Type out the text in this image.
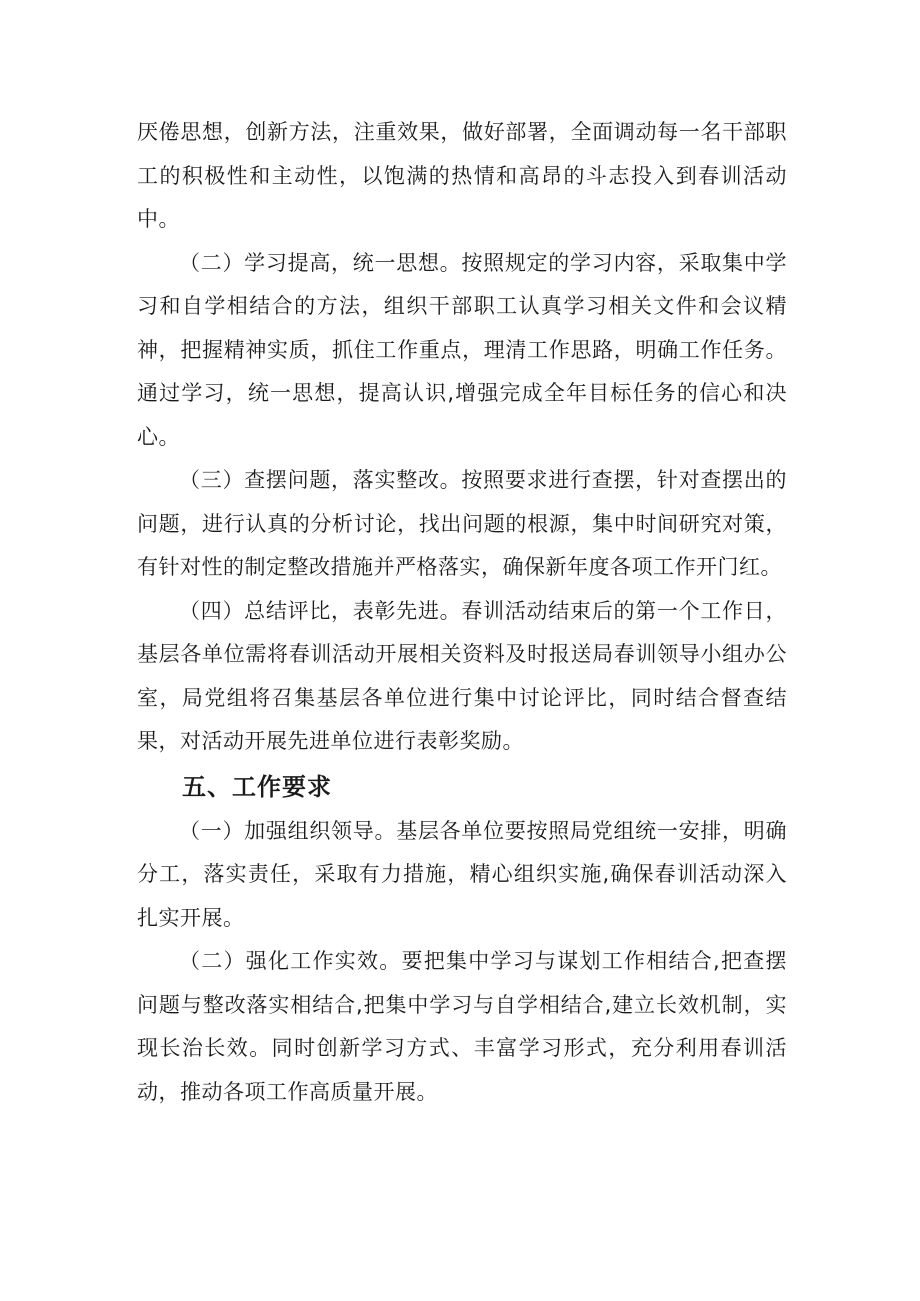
厌倦思想，创新方法，注重效果，做好部署，全面调动每一名干部职工的积极性和主动性，以饱满的热情和高昂的斗志投入到春训活动中。

（二）学习提高，统一思想。按照规定的学习内容，采取集中学习和自学相结合的方法，组织干部职工认真学习相关文件和会议精神，把握精神实质，抓住工作重点，理清工作思路，明确工作任务。通过学习，统一思想，提高认识,增强完成全年目标任务的信心和决心。

（三）查摆问题，落实整改。按照要求进行查摆，针对查摆出的问题，进行认真的分析讨论，找出问题的根源，集中时间研究对策，有针对性的制定整改措施并严格落实，确保新年度各项工作开门红。

（四）总结评比，表彰先进。春训活动结束后的第一个工作日，基层各单位需将春训活动开展相关资料及时报送局春训领导小组办公室，局党组将召集基层各单位进行集中讨论评比，同时结合督查结果，对活动开展先进单位进行表彰奖励。

五、工作要求

（一）加强组织领导。基层各单位要按照局党组统一安排，明确分工，落实责任，采取有力措施，精心组织实施,确保春训活动深入扎实开展。

（二）强化工作实效。要把集中学习与谋划工作相结合,把查摆问题与整改落实相结合,把集中学习与自学相结合,建立长效机制，实现长治长效。同时创新学习方式、丰富学习形式，充分利用春训活动，推动各项工作高质量开展。
